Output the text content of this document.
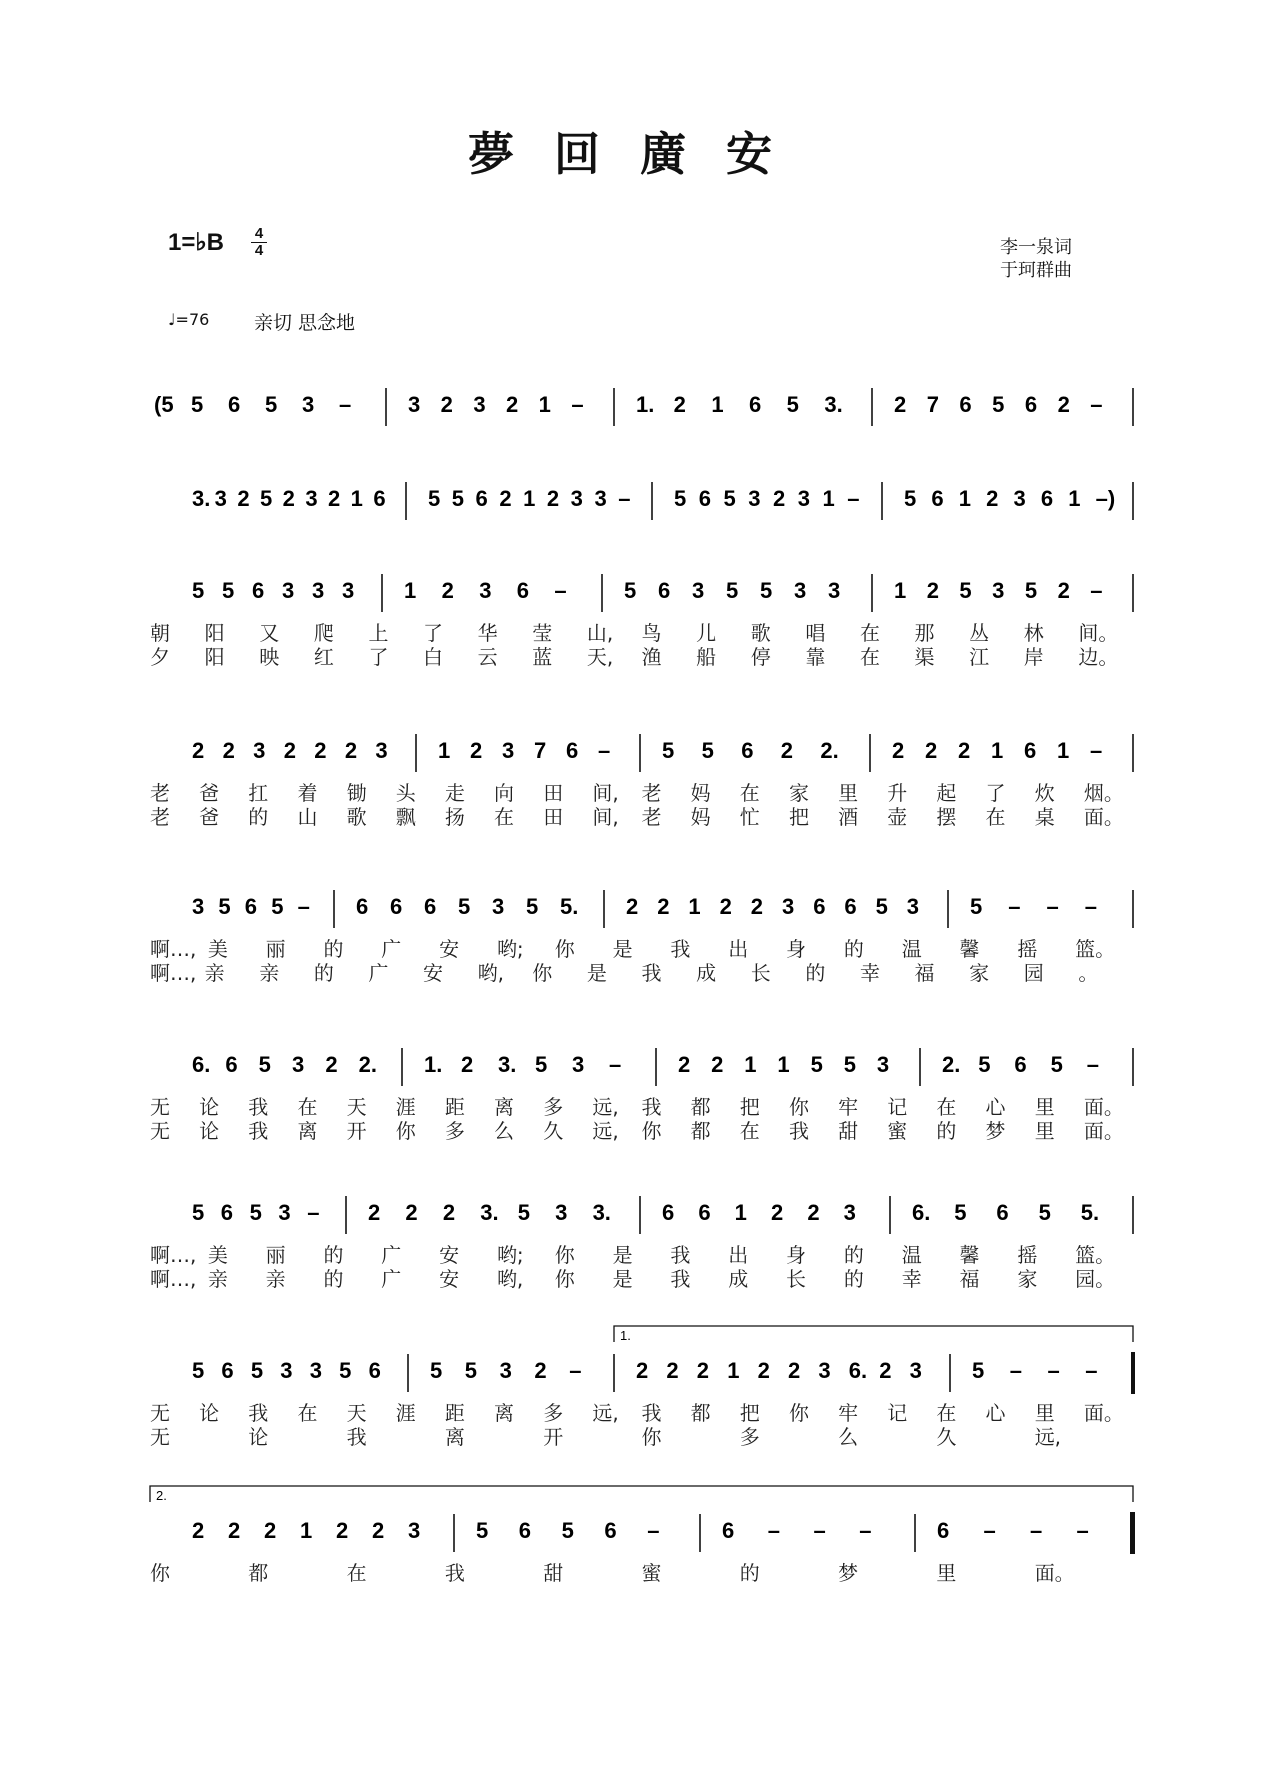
夢回廣安
1=♭B	4
4	李一泉词
于珂群曲
♩=76 亲切 思念地
(5 5 6 5 3 –	3 2 3 2 1 – 1. 2 1 6 5 3. 2 7 6 5 6 2 –
3. 3 2 5 2 3 2 1 6 5 5 6 2 1 2 3 3 – 5 6 5 3 2 3 1 – 5 6 1 2 3 6 1 –)
5 5 6 3 3 3 1 2 3 6 –	5 6 3 5 5 3 3 1 2 5 3 5 2 –
朝 阳 又 爬 上 了 华 莹 山, 鸟 儿 歌 唱 在 那 丛 林 间。
夕 阳 映 红 了 白 云 蓝 天, 渔 船 停 靠 在 渠 江 岸 边。
2 2 3 2 2 2 3 1 2 3 7 6 – 5 5 6 2 2. 2 2 2 1 6 1 –
老 爸 扛 着 锄 头 走 向 田 间, 老 妈 在 家 里 升 起 了 炊 烟。
老 爸 的 山 歌 飘 扬 在 田 间, 老 妈 忙 把 酒 壶 摆 在 桌 面。
3 5 6 5 – 6 6 6 5 3 5 5. 2 2 1 2 2 3 6 6 5 3 5 – – –
啊…, 美 丽 的 广 安 哟; 你 是 我 出 身 的 温 馨 摇 篮。
啊…, 亲 亲 的 广 安 哟, 你 是 我 成 长 的 幸 福 家 园 。
6. 6 5 3 2 2. 1. 2 3. 5 3 –	2 2 1 1 5 5 3 2. 5 6 5 –
无 论 我 在 天 涯 距 离 多 远, 我 都 把 你 牢 记 在 心 里 面。
无 论 我 离 开 你 多 么 久 远, 你 都 在 我 甜 蜜 的 梦 里 面。
5 6 5 3 – 2 2 2 3. 5 3 3. 6 6 1 2 2 3	6. 5 6 5 5.
啊…, 美 丽 的 广 安 哟; 你 是 我 出 身 的 温 馨 摇 篮。
啊…, 亲 亲 的 广 安 哟, 你 是 我 成 长 的 幸 福 家 园。
1.
5 6 5 3 3 5 6 5 5 3 2 – 2 2 2 1 2 2 3 6. 2 3 5 – – –
无 论 我 在 天 涯 距 离 多 远, 我 都 把 你 牢 记 在 心 里 面。
无	论	我	离	开	你	多	么	久	远,
2.
2 2 2 1 2 2 3	5 6 5 6 –	6 – – –	6 – – –
你	都	在	我	甜	蜜	的	梦	里	面。
